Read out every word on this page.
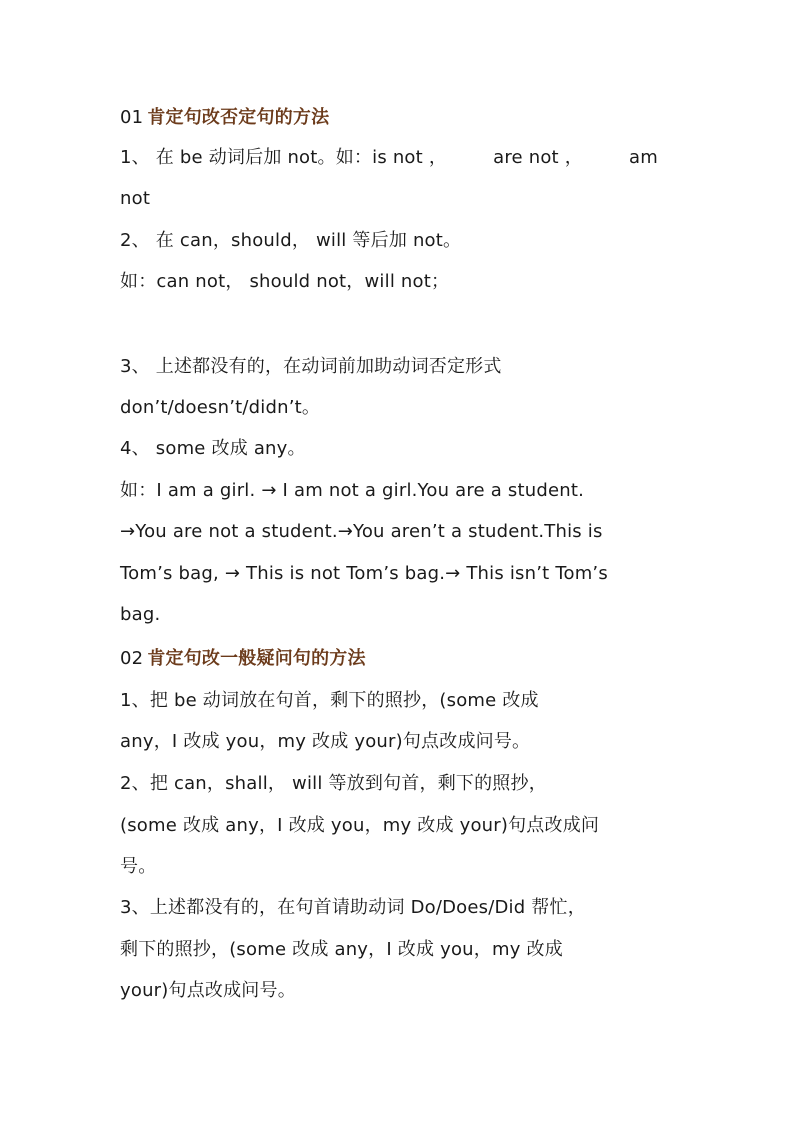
01 肯定句改否定句的方法
1、 在 be 动词后加 not。如：is not ，	are not ，	am
not
2、 在 can，should， will 等后加 not。
如：can not， should not，will not；
3、 上述都没有的，在动词前加助动词否定形式
don’t/doesn’t/didn’t。
4、 some 改成 any。
如：I am a girl. → I am not a girl.You are a student.
→You are not a student.→You aren’t a student.This is
Tom’s bag, → This is not Tom’s bag.→ This isn’t Tom’s
bag.
02 肯定句改一般疑问句的方法
1、把 be 动词放在句首，剩下的照抄，(some 改成
any，I 改成 you，my 改成 your)句点改成问号。
2、把 can，shall， will 等放到句首，剩下的照抄，
(some 改成 any，I 改成 you，my 改成 your)句点改成问
号。
3、上述都没有的，在句首请助动词 Do/Does/Did 帮忙，
剩下的照抄，(some 改成 any，I 改成 you，my 改成
your)句点改成问号。
